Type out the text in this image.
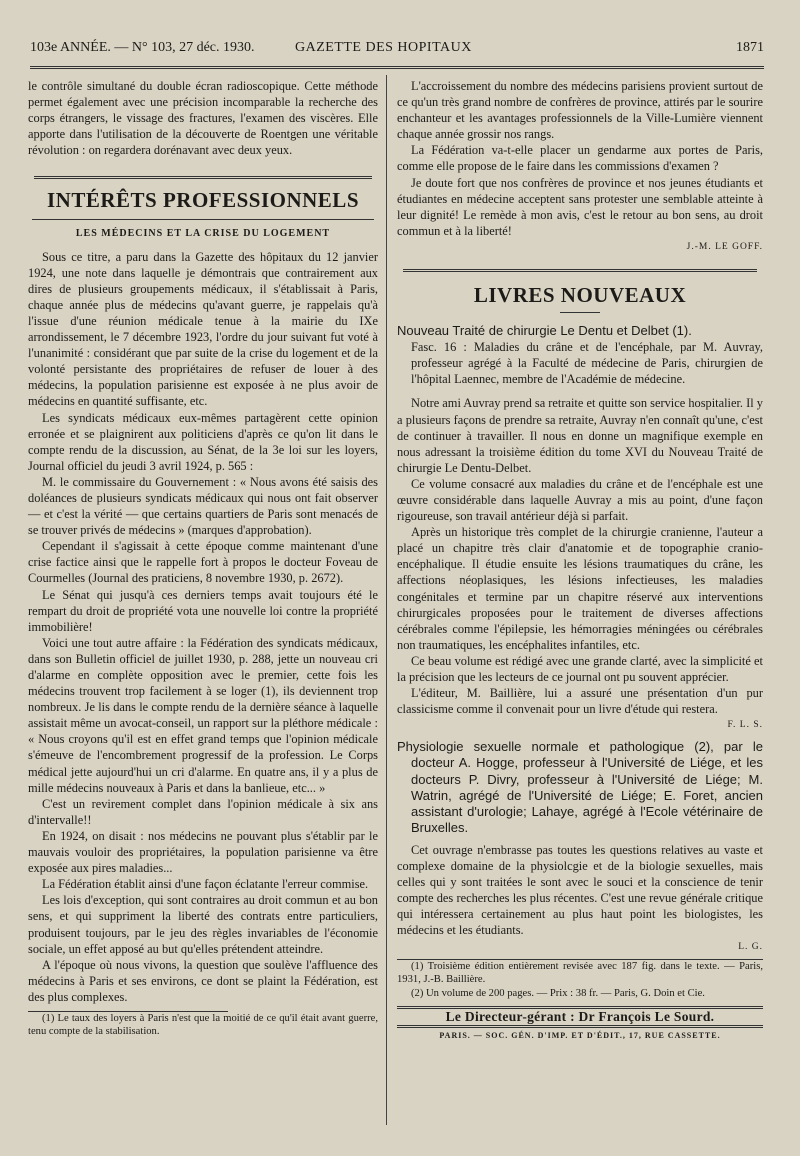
103e ANNÉE. — N° 103, 27 déc. 1930.	GAZETTE DES HOPITAUX	1871

le contrôle simultané du double écran radioscopique. Cette méthode permet également avec une précision incomparable la recherche des corps étrangers, le vissage des fractures, l'examen des viscères. Elle apporte dans l'utilisation de la découverte de Roentgen une véritable révolution : on regardera dorénavant avec deux yeux.

INTÉRÊTS PROFESSIONNELS
LES MÉDECINS ET LA CRISE DU LOGEMENT

Sous ce titre, a paru dans la Gazette des hôpitaux du 12 janvier 1924, une note dans laquelle je démontrais que contrairement aux dires de plusieurs groupements médicaux, il s'établissait à Paris, chaque année plus de médecins qu'avant guerre, je rappelais qu'à l'issue d'une réunion médicale tenue à la mairie du IXe arrondissement, le 7 décembre 1923, l'ordre du jour suivant fut voté à l'unanimité : considérant que par suite de la crise du logement et de la volonté persistante des propriétaires de refuser de louer à des médecins, la population parisienne est exposée à ne plus avoir de médecins en quantité suffisante, etc.

Les syndicats médicaux eux-mêmes partagèrent cette opinion erronée et se plaignirent aux politiciens d'après ce qu'on lit dans le compte rendu de la discussion, au Sénat, de la 3e loi sur les loyers, Journal officiel du jeudi 3 avril 1924, p. 565 :

M. le commissaire du Gouvernement : « Nous avons été saisis des doléances de plusieurs syndicats médicaux qui nous ont fait observer — et c'est la vérité — que certains quartiers de Paris sont menacés de se trouver privés de médecins » (marques d'approbation).

Cependant il s'agissait à cette époque comme maintenant d'une crise factice ainsi que le rappelle fort à propos le docteur Foveau de Courmelles (Journal des praticiens, 8 novembre 1930, p. 2672).

Le Sénat qui jusqu'à ces derniers temps avait toujours été le rempart du droit de propriété vota une nouvelle loi contre la propriété immobilière!

Voici une tout autre affaire : la Fédération des syndicats médicaux, dans son Bulletin officiel de juillet 1930, p. 288, jette un nouveau cri d'alarme en complète opposition avec le premier, cette fois les médecins trouvent trop facilement à se loger (1), ils deviennent trop nombreux. Je lis dans le compte rendu de la dernière séance à laquelle assistait même un avocat-conseil, un rapport sur la pléthore médicale : « Nous croyons qu'il est en effet grand temps que l'opinion médicale s'émeuve de l'encombrement progressif de la profession. Le Corps médical jette aujourd'hui un cri d'alarme. En quatre ans, il y a plus de mille médecins nouveaux à Paris et dans la banlieue, etc... »

C'est un revirement complet dans l'opinion médicale à six ans d'intervalle!!

En 1924, on disait : nos médecins ne pouvant plus s'établir par le mauvais vouloir des propriétaires, la population parisienne va être exposée aux pires maladies...

La Fédération établit ainsi d'une façon éclatante l'erreur commise.

Les lois d'exception, qui sont contraires au droit commun et au bon sens, et qui suppriment la liberté des contrats entre particuliers, produisent toujours, par le jeu des règles invariables de l'économie sociale, un effet apposé au but qu'elles prétendent atteindre.

A l'époque où nous vivons, la question que soulève l'affluence des médecins à Paris et ses environs, ce dont se plaint la Fédération, est des plus complexes.

(1) Le taux des loyers à Paris n'est que la moitié de ce qu'il était avant guerre, tenu compte de la stabilisation.

L'accroissement du nombre des médecins parisiens provient surtout de ce qu'un très grand nombre de confrères de province, attirés par le sourire enchanteur et les avantages professionnels de la Ville-Lumière viennent chaque année grossir nos rangs.

La Fédération va-t-elle placer un gendarme aux portes de Paris, comme elle propose de le faire dans les commissions d'examen ?

Je doute fort que nos confrères de province et nos jeunes étudiants et étudiantes en médecine acceptent sans protester une semblable atteinte à leur dignité! Le remède à mon avis, c'est le retour au bon sens, au droit commun et à la liberté!

J.-M. LE GOFF.
LIVRES NOUVEAUX

Nouveau Traité de chirurgie Le Dentu et Delbet (1).

Fasc. 16 : Maladies du crâne et de l'encéphale, par M. Auvray, professeur agrégé à la Faculté de médecine de Paris, chirurgien de l'hôpital Laennec, membre de l'Académie de médecine.

Notre ami Auvray prend sa retraite et quitte son service hospitalier. Il y a plusieurs façons de prendre sa retraite, Auvray n'en connaît qu'une, c'est de continuer à travailler. Il nous en donne un magnifique exemple en nous adressant la troisième édition du tome XVI du Nouveau Traité de chirurgie Le Dentu-Delbet.

Ce volume consacré aux maladies du crâne et de l'encéphale est une œuvre considérable dans laquelle Auvray a mis au point, d'une façon rigoureuse, son travail antérieur déjà si parfait.

Après un historique très complet de la chirurgie cranienne, l'auteur a placé un chapitre très clair d'anatomie et de topographie cranio-encéphalique. Il étudie ensuite les lésions traumatiques du crâne, les affections néoplasiques, les lésions infectieuses, les maladies congénitales et termine par un chapitre réservé aux interventions chirurgicales proposées pour le traitement de diverses affections cérébrales comme l'épilepsie, les hémorragies méningées ou cérébrales non traumatiques, les encéphalites infantiles, etc.

Ce beau volume est rédigé avec une grande clarté, avec la simplicité et la précision que les lecteurs de ce journal ont pu souvent apprécier.

L'éditeur, M. Baillière, lui a assuré une présentation d'un pur classicisme comme il convenait pour un livre d'étude qui restera.

F. L. S.

Physiologie sexuelle normale et pathologique (2), par le docteur A. Hogge, professeur à l'Université de Liége, et les docteurs P. Divry, professeur à l'Université de Liége; M. Watrin, agrégé de l'Université de Liége; E. Foret, ancien assistant d'urologie; Lahaye, agrégé à l'Ecole vétérinaire de Bruxelles.

Cet ouvrage n'embrasse pas toutes les questions relatives au vaste et complexe domaine de la physiolcgie et de la biologie sexuelles, mais celles qui y sont traitées le sont avec le souci et la conscience de tenir compte des recherches les plus récentes. C'est une revue générale critique qui intéressera certainement au plus haut point les biologistes, les médecins et les étudiants.

L. G.

(1) Troisième édition entièrement revisée avec 187 fig. dans le texte. — Paris, 1931, J.-B. Baillière.

(2) Un volume de 200 pages. — Prix : 38 fr. — Paris, G. Doin et Cie.

Le Directeur-gérant : Dr François Le Sourd.
PARIS. — SOC. GÉN. D'IMP. ET D'ÉDIT., 17, RUE CASSETTE.
